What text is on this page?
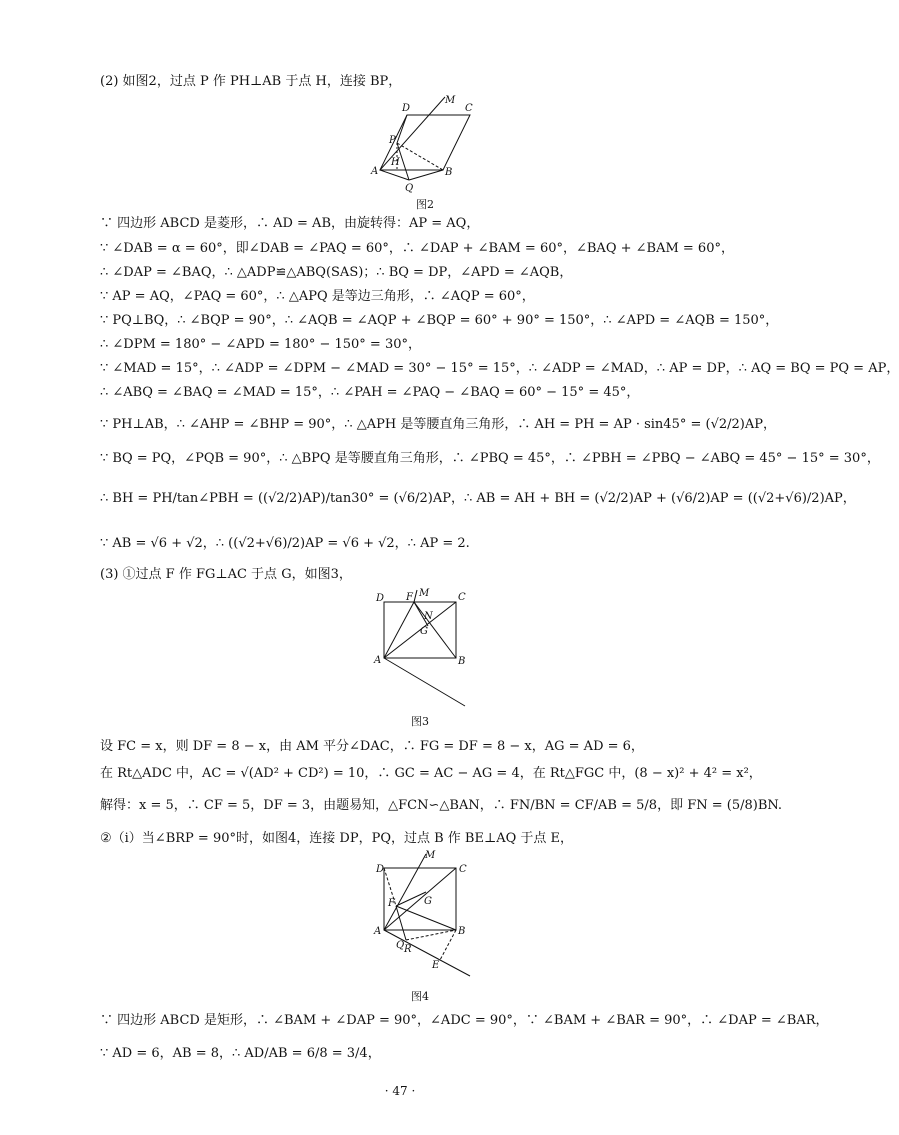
(2) 如图2，过点 P 作 PH⊥AB 于点 H，连接 BP，
D
M
C
P
H
A	B
Q
图2
∵ 四边形 ABCD 是菱形，∴ AD = AB，由旋转得：AP = AQ，
∵ ∠DAB = α = 60°，即∠DAB = ∠PAQ = 60°，∴ ∠DAP + ∠BAM = 60°，∠BAQ + ∠BAM = 60°，
∴ ∠DAP = ∠BAQ，∴ △ADP≌△ABQ(SAS)；∴ BQ = DP，∠APD = ∠AQB，
∵ AP = AQ，∠PAQ = 60°，∴ △APQ 是等边三角形，∴ ∠AQP = 60°，
∵ PQ⊥BQ，∴ ∠BQP = 90°，∴ ∠AQB = ∠AQP + ∠BQP = 60° + 90° = 150°，∴ ∠APD = ∠AQB = 150°，
∴ ∠DPM = 180° − ∠APD = 180° − 150° = 30°，
∵ ∠MAD = 15°，∴ ∠ADP = ∠DPM − ∠MAD = 30° − 15° = 15°，∴ ∠ADP = ∠MAD，∴ AP = DP，∴ AQ = BQ = PQ = AP，
∴ ∠ABQ = ∠BAQ = ∠MAD = 15°，∴ ∠PAH = ∠PAQ − ∠BAQ = 60° − 15° = 45°，
∵ PH⊥AB，∴ ∠AHP = ∠BHP = 90°，∴ △APH 是等腰直角三角形，∴ AH = PH = AP · sin45° = (√2/2)AP，
∵ BQ = PQ，∠PQB = 90°，∴ △BPQ 是等腰直角三角形，∴ ∠PBQ = 45°，∴ ∠PBH = ∠PBQ − ∠ABQ = 45° − 15° = 30°，
∴ BH = PH/tan∠PBH = ((√2/2)AP)/tan30° = (√6/2)AP，∴ AB = AH + BH = (√2/2)AP + (√6/2)AP = ((√2+√6)/2)AP，
∵ AB = √6 + √2，∴ ((√2+√6)/2)AP = √6 + √2，∴ AP = 2.
(3) ①过点 F 作 FG⊥AC 于点 G，如图3，
D F M	C
N
G
A	B
图3
设 FC = x，则 DF = 8 − x，由 AM 平分∠DAC，∴ FG = DF = 8 − x，AG = AD = 6，
在 Rt△ADC 中，AC = √(AD² + CD²) = 10，∴ GC = AC − AG = 4，在 Rt△FGC 中，(8 − x)² + 4² = x²，
解得：x = 5，∴ CF = 5，DF = 3，由题易知，△FCN∽△BAN，∴ FN/BN = CF/AB = 5/8，即 FN = (5/8)BN.
②（ⅰ）当∠BRP = 90°时，如图4，连接 DP，PQ，过点 B 作 BE⊥AQ 于点 E，
D
M
C
G
F
A	B
Q R
E
图4
∵ 四边形 ABCD 是矩形，∴ ∠BAM + ∠DAP = 90°，∠ADC = 90°，∵ ∠BAM + ∠BAR = 90°，∴ ∠DAP = ∠BAR，
∵ AD = 6，AB = 8，∴ AD/AB = 6/8 = 3/4，
· 47 ·
